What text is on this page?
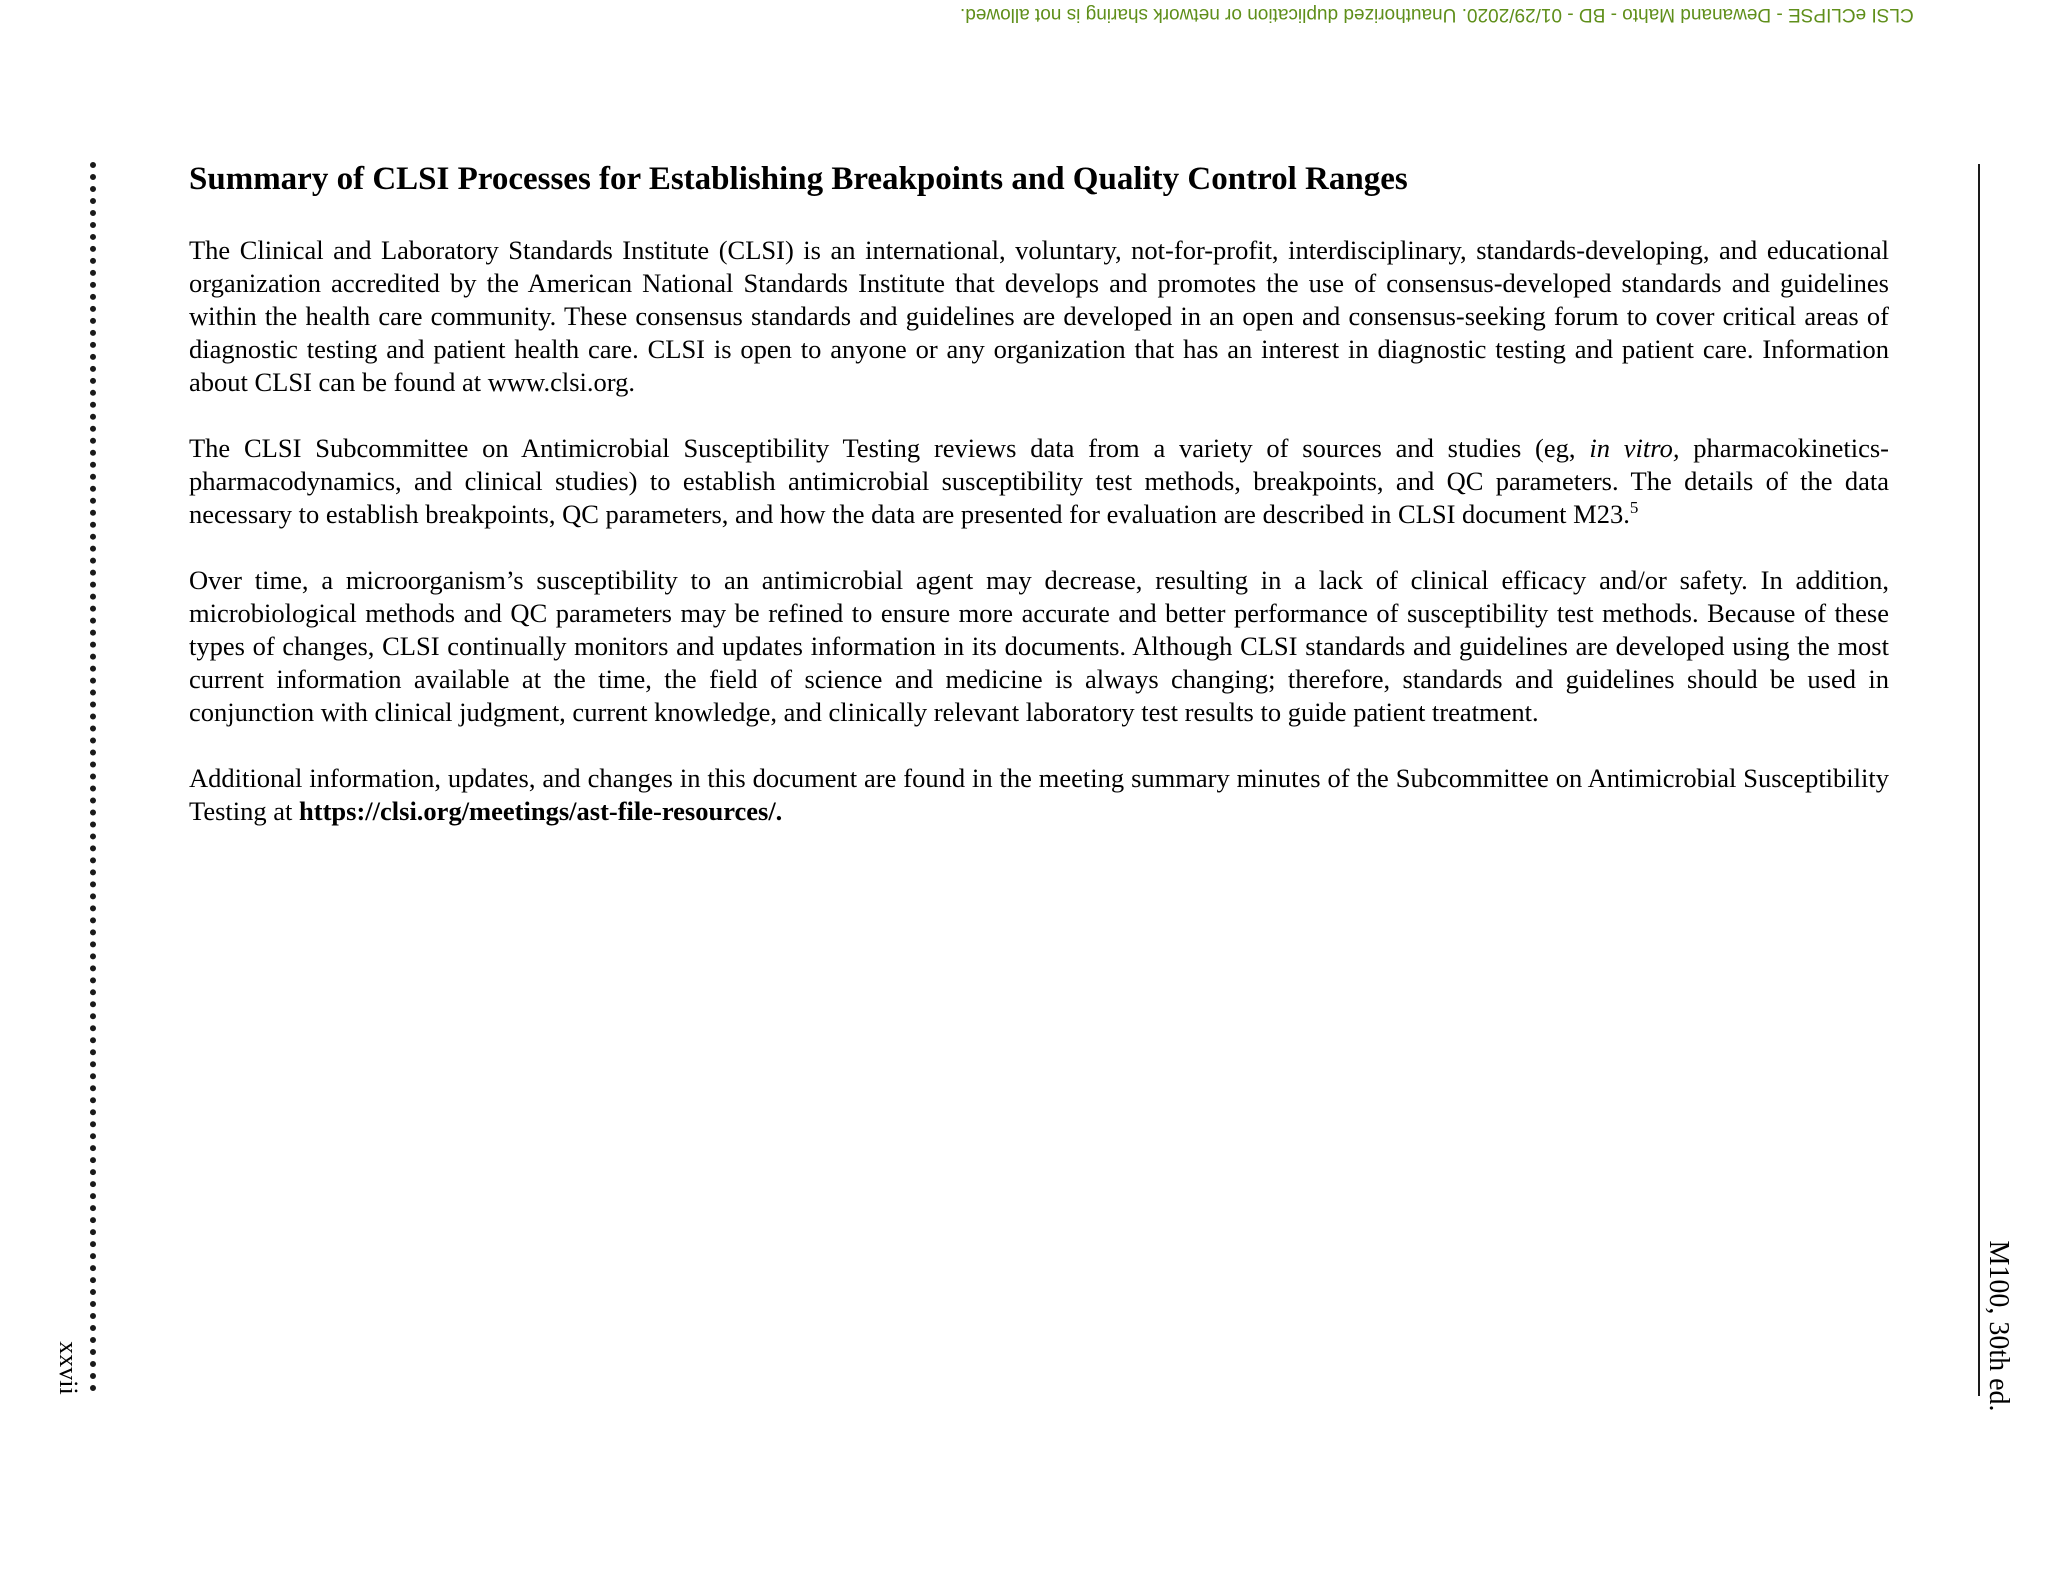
CLSI eCLIPSE - Dewanand Mahto - BD - 01/29/2020. Unauthorized duplication or network sharing is not allowed.
xxvii	M100, 30th ed.
Summary of CLSI Processes for Establishing Breakpoints and Quality Control Ranges

The Clinical and Laboratory Standards Institute (CLSI) is an international, voluntary, not-for-profit, interdisciplinary, standards-developing, and educational organization accredited by the American National Standards Institute that develops and promotes the use of consensus-developed standards and guidelines within the health care community. These consensus standards and guidelines are developed in an open and consensus-seeking forum to cover critical areas of diagnostic testing and patient health care. CLSI is open to anyone or any organization that has an interest in diagnostic testing and patient care. Information about CLSI can be found at www.clsi.org.

The CLSI Subcommittee on Antimicrobial Susceptibility Testing reviews data from a variety of sources and studies (eg, in vitro, pharmacokinetics-pharmacodynamics, and clinical studies) to establish antimicrobial susceptibility test methods, breakpoints, and QC parameters. The details of the data necessary to establish breakpoints, QC parameters, and how the data are presented for evaluation are described in CLSI document M23.$^5$

Over time, a microorganism’s susceptibility to an antimicrobial agent may decrease, resulting in a lack of clinical efficacy and/or safety. In addition, microbiological methods and QC parameters may be refined to ensure more accurate and better performance of susceptibility test methods. Because of these types of changes, CLSI continually monitors and updates information in its documents. Although CLSI standards and guidelines are developed using the most current information available at the time, the field of science and medicine is always changing; therefore, standards and guidelines should be used in conjunction with clinical judgment, current knowledge, and clinically relevant laboratory test results to guide patient treatment.

Additional information, updates, and changes in this document are found in the meeting summary minutes of the Subcommittee on Antimicrobial Susceptibility Testing at https://clsi.org/meetings/ast-file-resources/.
